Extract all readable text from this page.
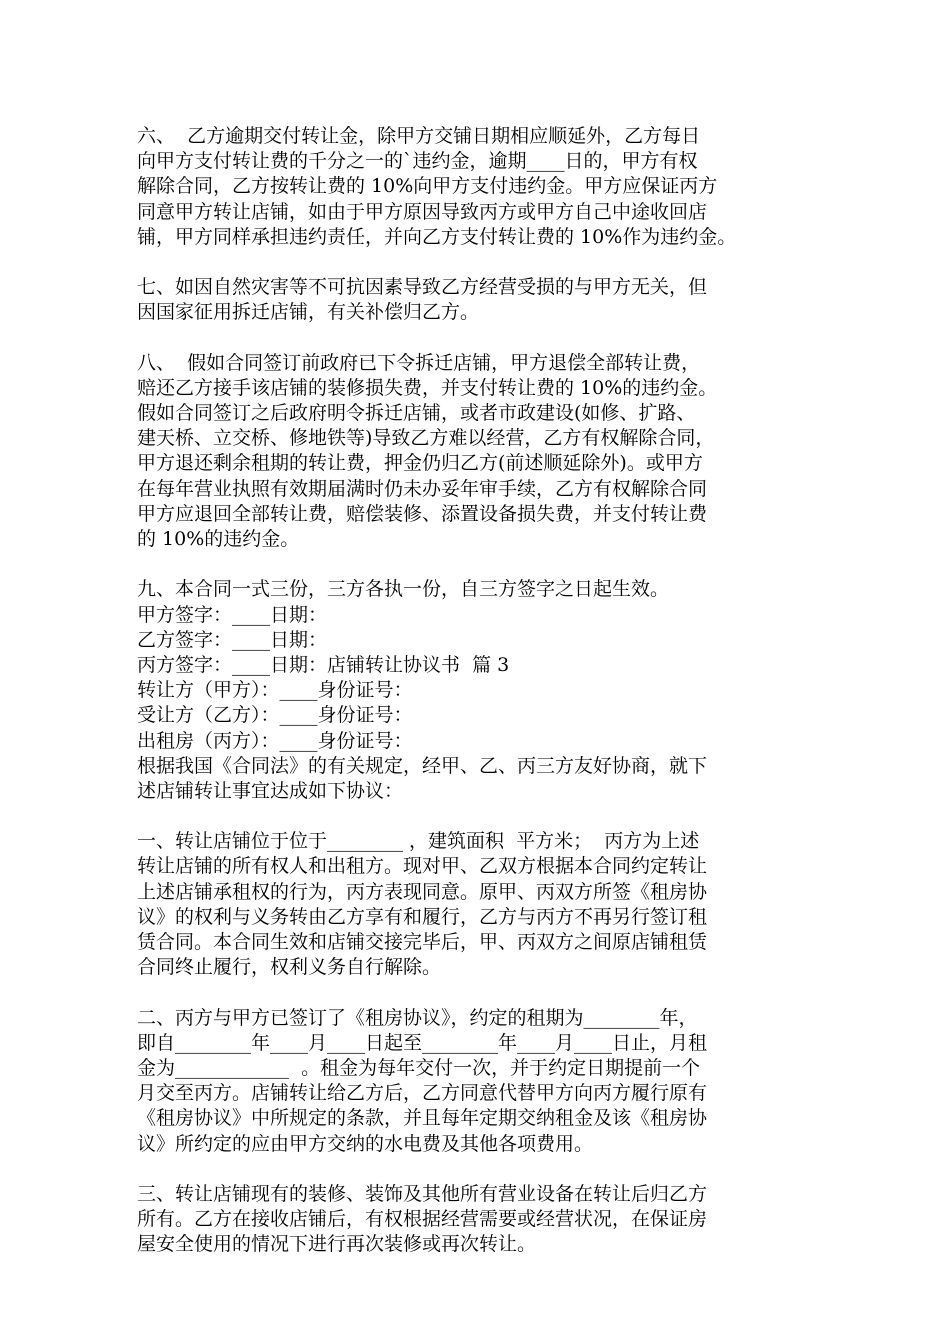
六、  乙方逾期交付转让金，除甲方交铺日期相应顺延外，乙方每日
向甲方支付转让费的千分之一的`违约金，逾期____日的，甲方有权
解除合同，乙方按转让费的 10%向甲方支付违约金。甲方应保证丙方
同意甲方转让店铺，如由于甲方原因导致丙方或甲方自己中途收回店
铺，甲方同样承担违约责任，并向乙方支付转让费的 10%作为违约金。
七、如因自然灾害等不可抗因素导致乙方经营受损的与甲方无关，但
因国家征用拆迁店铺，有关补偿归乙方。
八、  假如合同签订前政府已下令拆迁店铺，甲方退偿全部转让费，
赔还乙方接手该店铺的装修损失费，并支付转让费的 10%的违约金。
假如合同签订之后政府明令拆迁店铺，或者市政建设(如修、扩路、
建天桥、立交桥、修地铁等)导致乙方难以经营，乙方有权解除合同，
甲方退还剩余租期的转让费，押金仍归乙方(前述顺延除外)。或甲方
在每年营业执照有效期届满时仍未办妥年审手续，乙方有权解除合同
甲方应退回全部转让费，赔偿装修、添置设备损失费，并支付转让费
的 10%的违约金。
九、本合同一式三份，三方各执一份，自三方签字之日起生效。
甲方签字：____日期：
乙方签字：____日期：
丙方签字：____日期：店铺转让协议书  篇 3
转让方（甲方）：____身份证号：
受让方（乙方）：____身份证号：
出租房（丙方）：____身份证号：
根据我国《合同法》的有关规定，经甲、乙、丙三方友好协商，就下
述店铺转让事宜达成如下协议：
一、转让店铺位于位于________ ，建筑面积  平方米；  丙方为上述
转让店铺的所有权人和出租方。现对甲、乙双方根据本合同约定转让
上述店铺承租权的行为，丙方表现同意。原甲、丙双方所签《租房协
议》的权利与义务转由乙方享有和履行，乙方与丙方不再另行签订租
赁合同。本合同生效和店铺交接完毕后，甲、丙双方之间原店铺租赁
合同终止履行，权利义务自行解除。
二、丙方与甲方已签订了《租房协议》，约定的租期为________年，
即自________年____月____日起至________年____月____日止，月租
金为____________  。租金为每年交付一次，并于约定日期提前一个
月交至丙方。店铺转让给乙方后，乙方同意代替甲方向丙方履行原有
《租房协议》中所规定的条款，并且每年定期交纳租金及该《租房协
议》所约定的应由甲方交纳的水电费及其他各项费用。
三、转让店铺现有的装修、装饰及其他所有营业设备在转让后归乙方
所有。乙方在接收店铺后，有权根据经营需要或经营状况，在保证房
屋安全使用的情况下进行再次装修或再次转让。
